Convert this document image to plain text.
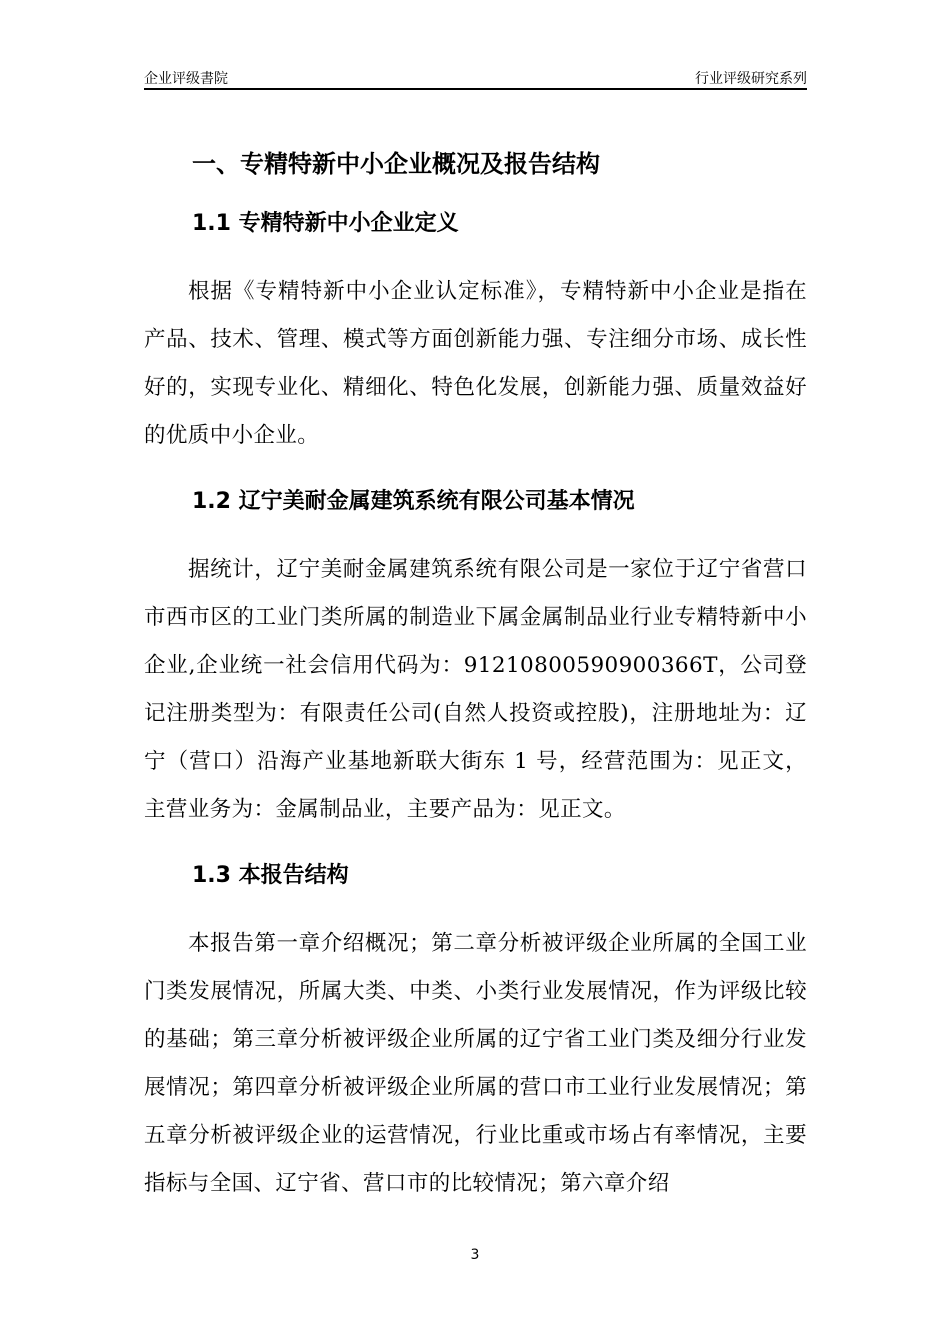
企业评级書院	行业评级研究系列
一、专精特新中小企业概况及报告结构
1.1 专精特新中小企业定义

根据《专精特新中小企业认定标准》，专精特新中小企业是指在产品、技术、管理、模式等方面创新能力强、专注细分市场、成长性好的，实现专业化、精细化、特色化发展，创新能力强、质量效益好的优质中小企业。

1.2 辽宁美耐金属建筑系统有限公司基本情况

据统计，辽宁美耐金属建筑系统有限公司是一家位于辽宁省营口市西市区的工业门类所属的制造业下属金属制品业行业专精特新中小企业,企业统一社会信用代码为：91210800590900366T，公司登记注册类型为：有限责任公司(自然人投资或控股)，注册地址为：辽宁（营口）沿海产业基地新联大街东 1 号，经营范围为：见正文，主营业务为：金属制品业，主要产品为：见正文。

1.3 本报告结构

本报告第一章介绍概况；第二章分析被评级企业所属的全国工业门类发展情况，所属大类、中类、小类行业发展情况，作为评级比较的基础；第三章分析被评级企业所属的辽宁省工业门类及细分行业发展情况；第四章分析被评级企业所属的营口市工业行业发展情况；第五章分析被评级企业的运营情况，行业比重或市场占有率情况，主要指标与全国、辽宁省、营口市的比较情况；第六章介绍

3
